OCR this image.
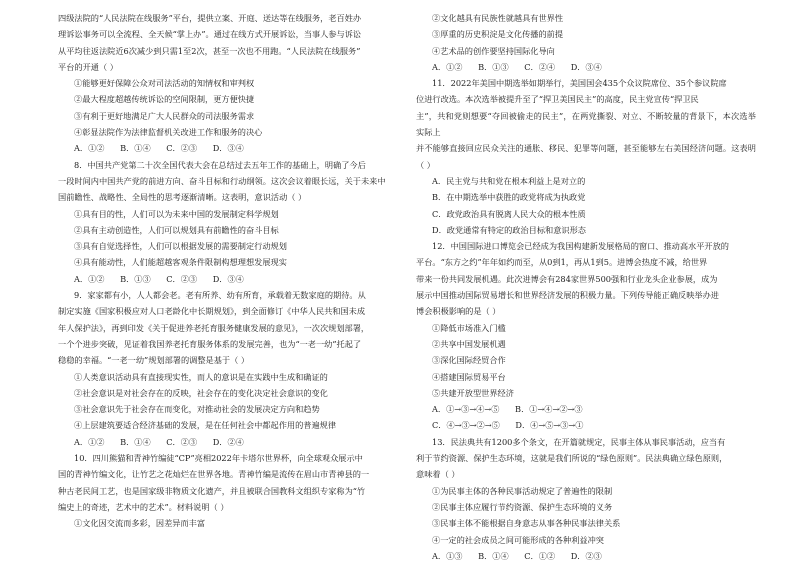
四级法院的“人民法院在线服务”平台，提供立案、开庭、送达等在线服务，老百姓办

理诉讼事务可以全流程、全天候“掌上办”。通过在线方式开展诉讼，当事人参与诉讼

从平均往返法院近6次减少到只需1至2次，甚至一次也不用跑。“人民法院在线服务”

平台的开通（ ）

①能够更好保障公众对司法活动的知情权和审判权

②最大程度超越传统诉讼的空间限制，更方便快捷

③有利于更好地满足广大人民群众的司法服务需求

④彰显法院作为法律监督机关改进工作和服务的决心

A．①②      B．①④      C．②③      D．③④

8．中国共产党第二十次全国代表大会在总结过去五年工作的基础上，明确了今后

一段时间内中国共产党的前进方向、奋斗目标和行动纲领。这次会议着眼长远，关于未来中

国前瞻性、战略性、全局性的思考逐渐清晰。这表明，意识活动（ ）

①具有目的性，人们可以为未来中国的发展制定科学规划

②具有主动创造性，人们可以规划具有前瞻性的奋斗目标

③具有自觉选择性，人们可以根据发展的需要制定行动规划

④具有能动性，人们能超越客观条件限制构想理想发展现实

A．①②      B．①③      C．②③      D．③④

9．家家都有小，人人都会老。老有所养、幼有所育，承载着无数家庭的期待。从

制定实施《国家积极应对人口老龄化中长期规划》，到全面修订《中华人民共和国未成

年人保护法》，再到印发《关于促进养老托育服务健康发展的意见》，一次次规划部署，

一个个进步突破，见证着我国养老托育服务体系的发展完善，也为“一老一幼”托起了

稳稳的幸福。“一老一幼”规划部署的调整是基于（ ）

①人类意识活动具有直接现实性，而人的意识是在实践中生成和确证的

②社会意识是对社会存在的反映，社会存在的变化决定社会意识的变化

③社会意识先于社会存在而变化，对推动社会的发展决定方向和趋势

④上层建筑要适合经济基础的发展，是在任何社会中都起作用的普遍规律

A．①②      B．①④      C．②③      D．②④

10．四川熊猫和青神竹编徒“CP”亮相2022年卡塔尔世界杯，向全球观众展示中

国的青神竹编文化，让竹艺之花灿烂在世界各地。青神竹编是流传在眉山市青神县的一

种古老民间工艺，也是国家级非物质文化遗产，并且被联合国教科文组织专家称为“竹

编史上的奇迹，艺术中的艺术”。材料说明（ ）

①文化因交流而多彩，因差异而丰富

②文化越具有民族性就越具有世界性

③厚重的历史积淀是文化传播的前提

④艺术品的创作要坚持国际化导向

A．①②      B．①③      C．②④      D．③④

11．2022年美国中期选举如期举行，美国国会435个众议院席位、35个参议院席

位进行改选。本次选举被提升至了“捍卫美国民主”的高度，民主党宣传“捍卫民

主”，共和党则想要“夺回被偷走的民主”，在两党撕裂、对立、不断较量的背景下，本次选举实际上

并不能够直接回应民众关注的通胀、移民、犯罪等问题，甚至能够左右美国经济问题。这表明（ ）

A．民主党与共和党在根本利益上是对立的

B．在中期选举中获胜的政党将成为执政党

C．政党政治具有脱离人民大众的根本性质

D．政党通常有特定的政治目标和意识形态

12．中国国际进口博览会已经成为我国构建新发展格局的窗口、推动高水平开放的

平台。“东方之约”年年如约而至，从0到1，再从1到5。进博会热度不减，给世界

带来一份共同发展机遇。此次进博会有284家世界500强和行业龙头企业参展，成为

展示中国推动国际贸易增长和世界经济发展的积极力量。下列传导能正确反映举办进

博会积极影响的是（ ）

①降低市场准入门槛

②共享中国发展机遇

③深化国际经贸合作

④搭建国际贸易平台

⑤共建开放型世界经济

A．①→③→④→⑤      B．①→④→②→③

C．④→③→②→⑤      D．④→⑤→③→①

13．民法典共有1200多个条文，在开篇就规定，民事主体从事民事活动，应当有

利于节约资源、保护生态环境，这就是我们所说的“绿色原则”。民法典确立绿色原则，

意味着（ ）

①为民事主体的各种民事活动规定了普遍性的限制

②民事主体应履行节约资源、保护生态环境的义务

③民事主体不能根据自身意志从事各种民事法律关系

④一定的社会成员之间可能形成的各种利益冲突

A．①③      B．①④      C．①②      D．②③
